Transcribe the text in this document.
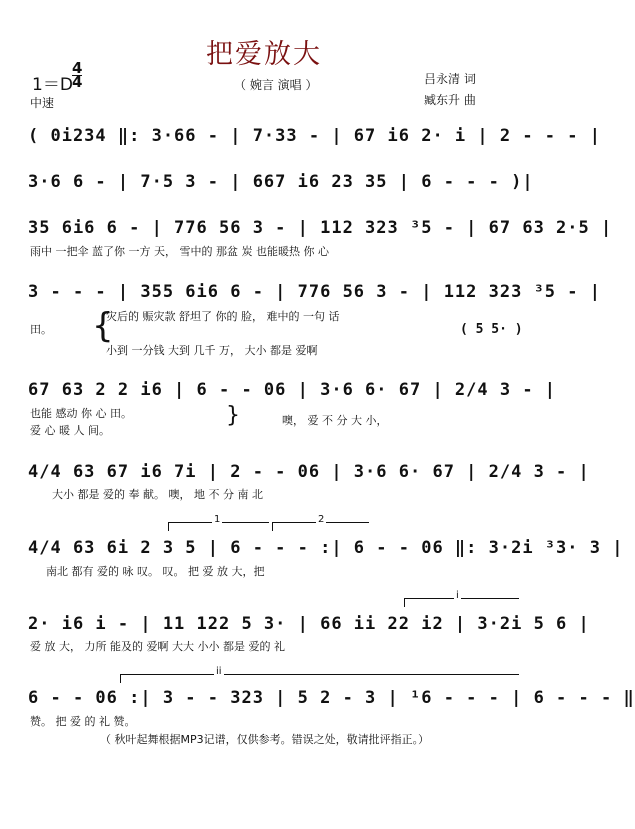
把爱放大
1＝D
4
4
中速
（ 婉言 演唱 ）	吕永清 词
臧东升 曲
( 0i234 ‖: 3·66 - | 7·33 - | 67 i6 2· i | 2 - - - |
3·6 6 - | 7·5 3 - | 667 i6 23 35 | 6 - - - )|
35 6i6 6 - | 776 56 3 - | 112 323 ³5 - | 67 63 2·5 |
雨中 一把伞 蓝了你 一方 天， 雪中的 那盆 炭 也能暖热 你 心
3 - - - | 355 6i6 6 - | 776 56 3 - | 112 323 ³5 - |
田。 {
灾后的 赈灾款 舒坦了 你的 脸， 难中的 一句 话
小到 一分钱 大到 几千 万， 大小 都是 爱啊
( 5 5· )
67 63 2 2 i6 | 6 - - 06 | 3·6 6· 67 | 2/4 3 - |
也能 感动 你 心 田。
爱 心 暖 人 间。
}	噢， 爱 不 分 大 小，
4/4 63 67 i6 7i | 2 - - 06 | 3·6 6· 67 | 2/4 3 - |
大小 都是 爱的 奉 献。 噢， 地 不 分 南 北
1	2
4/4 63 6i 2 3 5 | 6 - - - :| 6 - - 06 ‖: 3·2i ³3· 3 |
南北 都有 爱的 咏 叹。 叹。 把 爱 放 大，把
i
2· i6 i - | 11 122 5 3· | 66 ii 22 i2 | 3·2i 5 6 |
爱 放 大， 力所 能及的 爱啊 大大 小小 都是 爱的 礼
ii
6 - - 06 :| 3 - - 323 | 5 2 - 3 | ¹6 - - - | 6 - - - ‖
赞。 把 爱 的 礼 赞。
（ 秋叶起舞根据MP3记谱，仅供参考。错误之处，敬请批评指正。）
